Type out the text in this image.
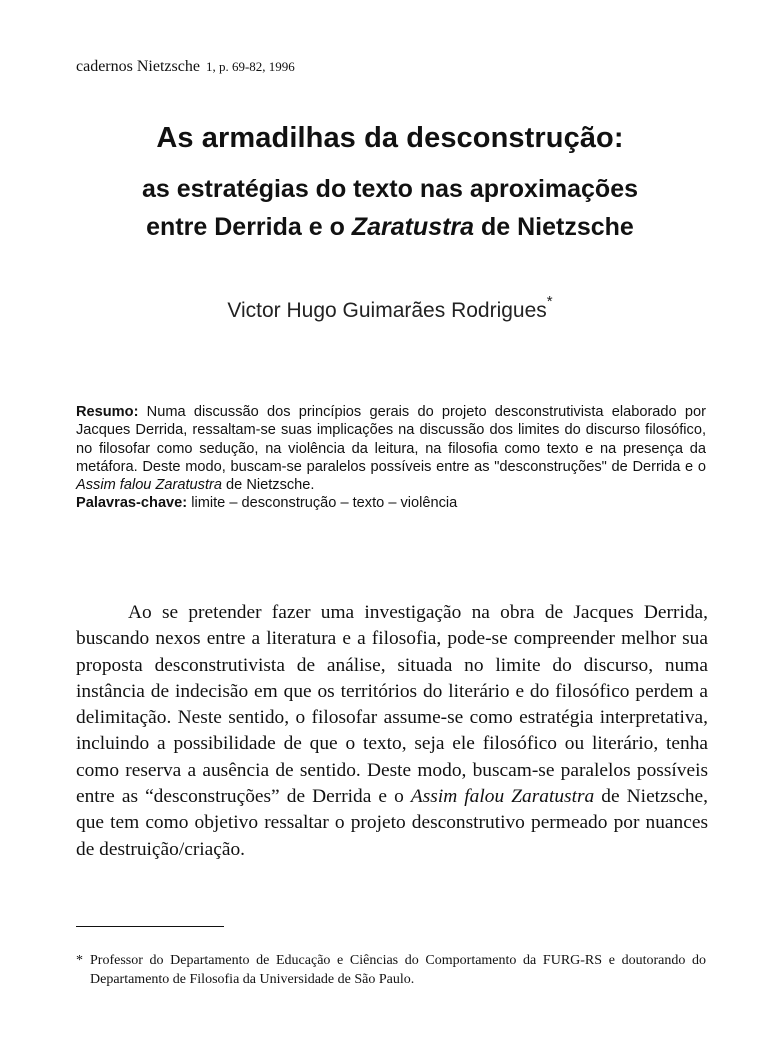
cadernos Nietzsche 1, p. 69-82, 1996
As armadilhas da desconstrução:
as estratégias do texto nas aproximações
entre Derrida e o Zaratustra de Nietzsche
Victor Hugo Guimarães Rodrigues*

Resumo: Numa discussão dos princípios gerais do projeto desconstrutivista elaborado por Jacques Derrida, ressaltam-se suas implicações na discussão dos limites do discurso filosófico, no filosofar como sedução, na violência da leitura, na filosofia como texto e na presença da metáfora. Deste modo, buscam-se paralelos possíveis entre as "desconstruções" de Derrida e o Assim falou Zaratustra de Nietzsche.

Palavras-chave: limite – desconstrução – texto – violência

Ao se pretender fazer uma investigação na obra de Jacques Derrida, buscando nexos entre a literatura e a filosofia, pode-se compreender melhor sua proposta desconstrutivista de análise, situada no limite do discurso, numa instância de indecisão em que os territórios do literário e do filosófico perdem a delimitação. Neste sentido, o filosofar assume-se como estratégia interpretativa, incluindo a possibilidade de que o texto, seja ele filosófico ou literário, tenha como reserva a ausência de sentido. Deste modo, buscam-se paralelos possíveis entre as “desconstruções” de Derrida e o Assim falou Zaratustra de Nietzsche, que tem como objetivo ressaltar o projeto desconstrutivo permeado por nuances de destruição/criação.

* Professor do Departamento de Educação e Ciências do Comportamento da FURG-RS e doutorando do Departamento de Filosofia da Universidade de São Paulo.
